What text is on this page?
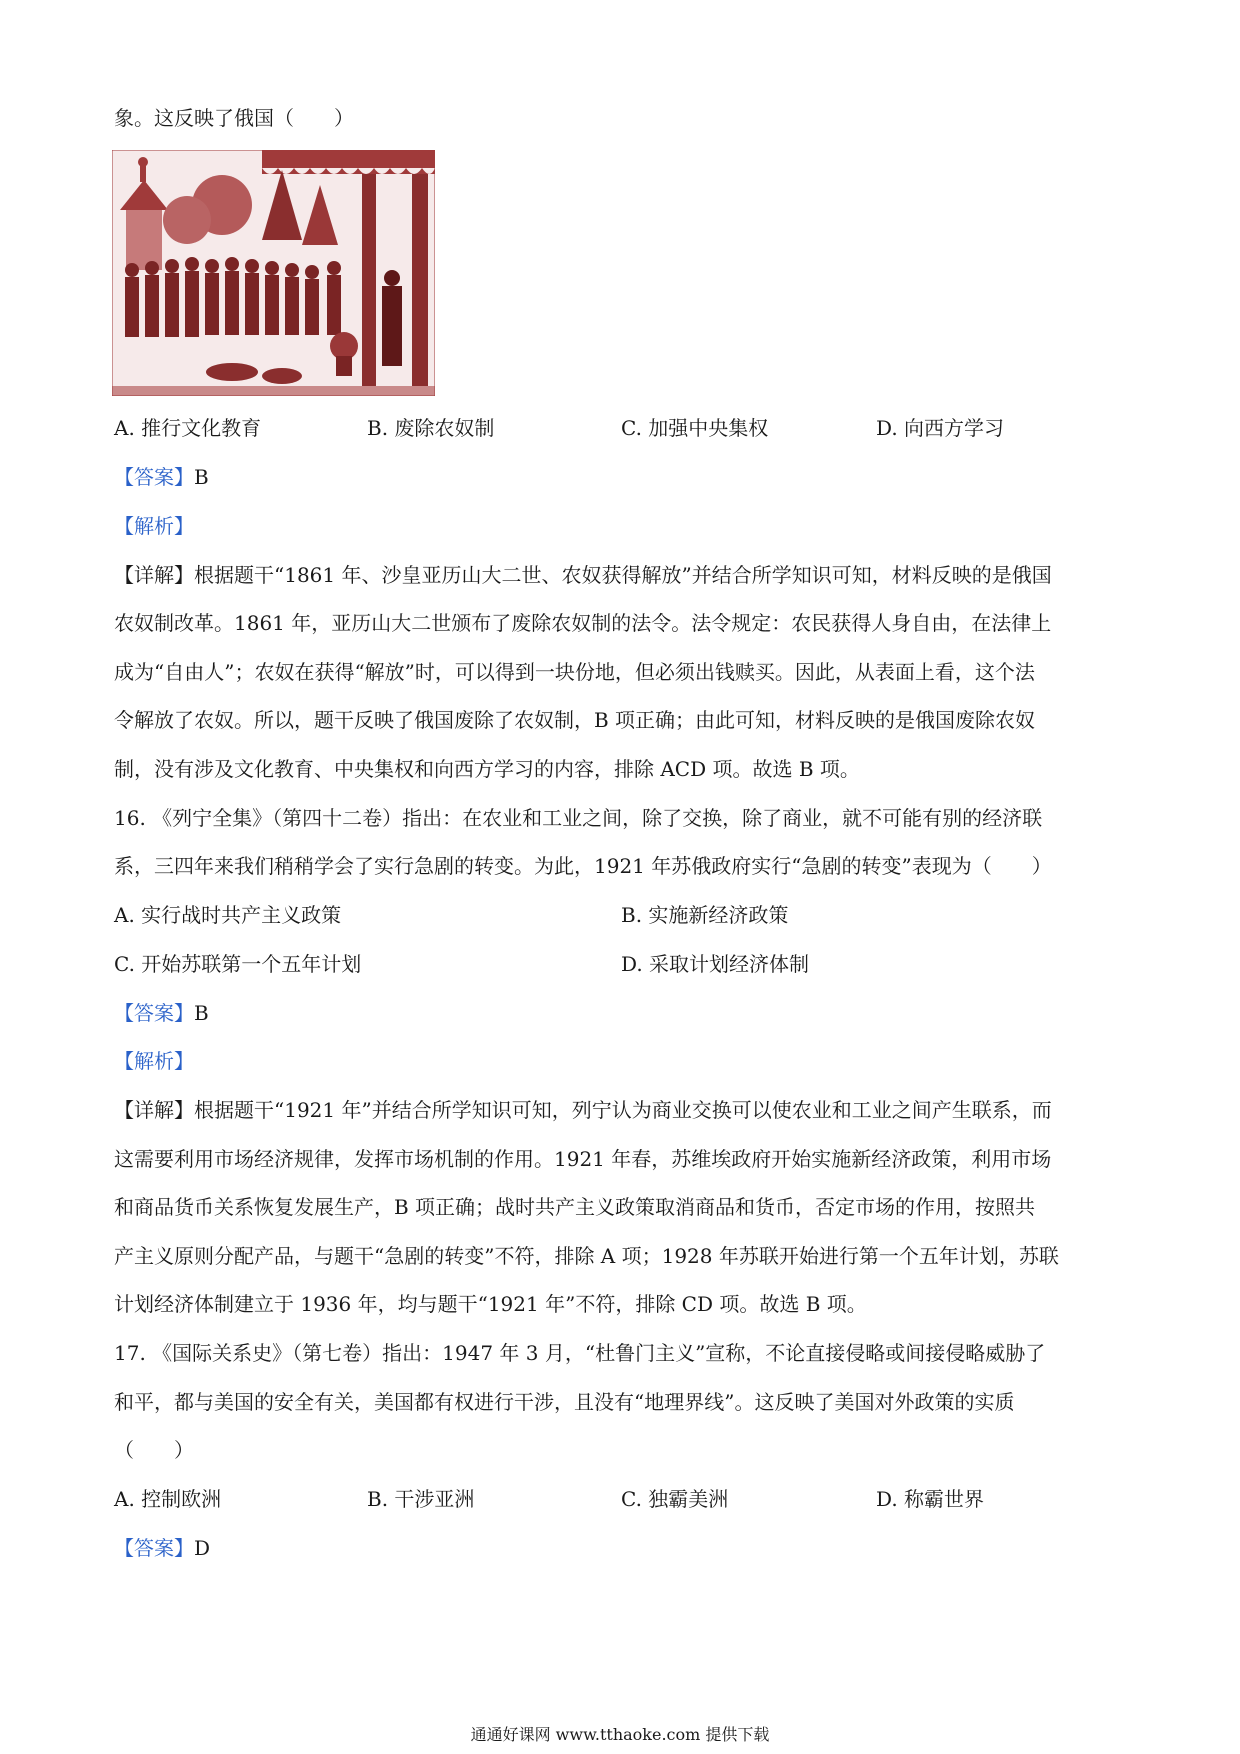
象。这反映了俄国（　　）
A. 推行文化教育	B. 废除农奴制	C. 加强中央集权	D. 向西方学习
【答案】B
【解析】
【详解】根据题干“1861 年、沙皇亚历山大二世、农奴获得解放”并结合所学知识可知，材料反映的是俄国
农奴制改革。1861 年，亚历山大二世颁布了废除农奴制的法令。法令规定：农民获得人身自由，在法律上
成为“自由人”；农奴在获得“解放”时，可以得到一块份地，但必须出钱赎买。因此，从表面上看，这个法
令解放了农奴。所以，题干反映了俄国废除了农奴制，B 项正确；由此可知，材料反映的是俄国废除农奴
制，没有涉及文化教育、中央集权和向西方学习的内容，排除 ACD 项。故选 B 项。
16. 《列宁全集》（第四十二卷）指出：在农业和工业之间，除了交换，除了商业，就不可能有别的经济联
系，三四年来我们稍稍学会了实行急剧的转变。为此，1921 年苏俄政府实行“急剧的转变”表现为（　　）
A. 实行战时共产主义政策	B. 实施新经济政策
C. 开始苏联第一个五年计划	D. 采取计划经济体制
【答案】B
【解析】
【详解】根据题干“1921 年”并结合所学知识可知，列宁认为商业交换可以使农业和工业之间产生联系，而
这需要利用市场经济规律，发挥市场机制的作用。1921 年春，苏维埃政府开始实施新经济政策，利用市场
和商品货币关系恢复发展生产，B 项正确；战时共产主义政策取消商品和货币，否定市场的作用，按照共
产主义原则分配产品，与题干“急剧的转变”不符，排除 A 项；1928 年苏联开始进行第一个五年计划，苏联
计划经济体制建立于 1936 年，均与题干“1921 年”不符，排除 CD 项。故选 B 项。
17. 《国际关系史》（第七卷）指出：1947 年 3 月，“杜鲁门主义”宣称，不论直接侵略或间接侵略威胁了
和平，都与美国的安全有关，美国都有权进行干涉，且没有“地理界线”。这反映了美国对外政策的实质
（　　）
A. 控制欧洲	B. 干涉亚洲	C. 独霸美洲	D. 称霸世界
【答案】D
通通好课网 www.tthaoke.com 提供下载
